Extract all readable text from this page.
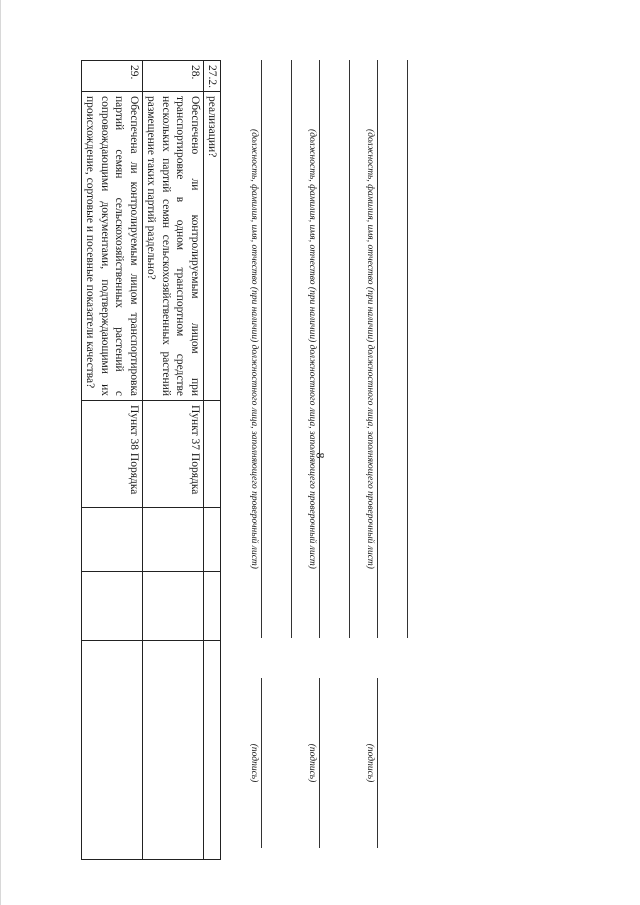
8
27.2.	реализации?				
28.	Обеспечено ли контролируемым лицом при транспортировке в одном транспортном средстве нескольких партий семян сельскохозяйственных растений размещение таких партий раздельно?	Пункт 37 Порядка			
29.	Обеспечена ли контролируемым лицом транспортировка партий семян сельскохозяйственных растений с сопровождающими документами, подтверждающими их происхождение, сортовые и посевные показатели качества?	Пункт 38 Порядка				(должность, фамилия, имя, отчество (при наличии) должностного лица, заполняющего проверочный лист)
(подпись)
(должность, фамилия, имя, отчество (при наличии) должностного лица, заполняющего проверочный лист)
(подпись)
(должность, фамилия, имя, отчество (при наличии) должностного лица, заполняющего проверочный лист)
(подпись)
